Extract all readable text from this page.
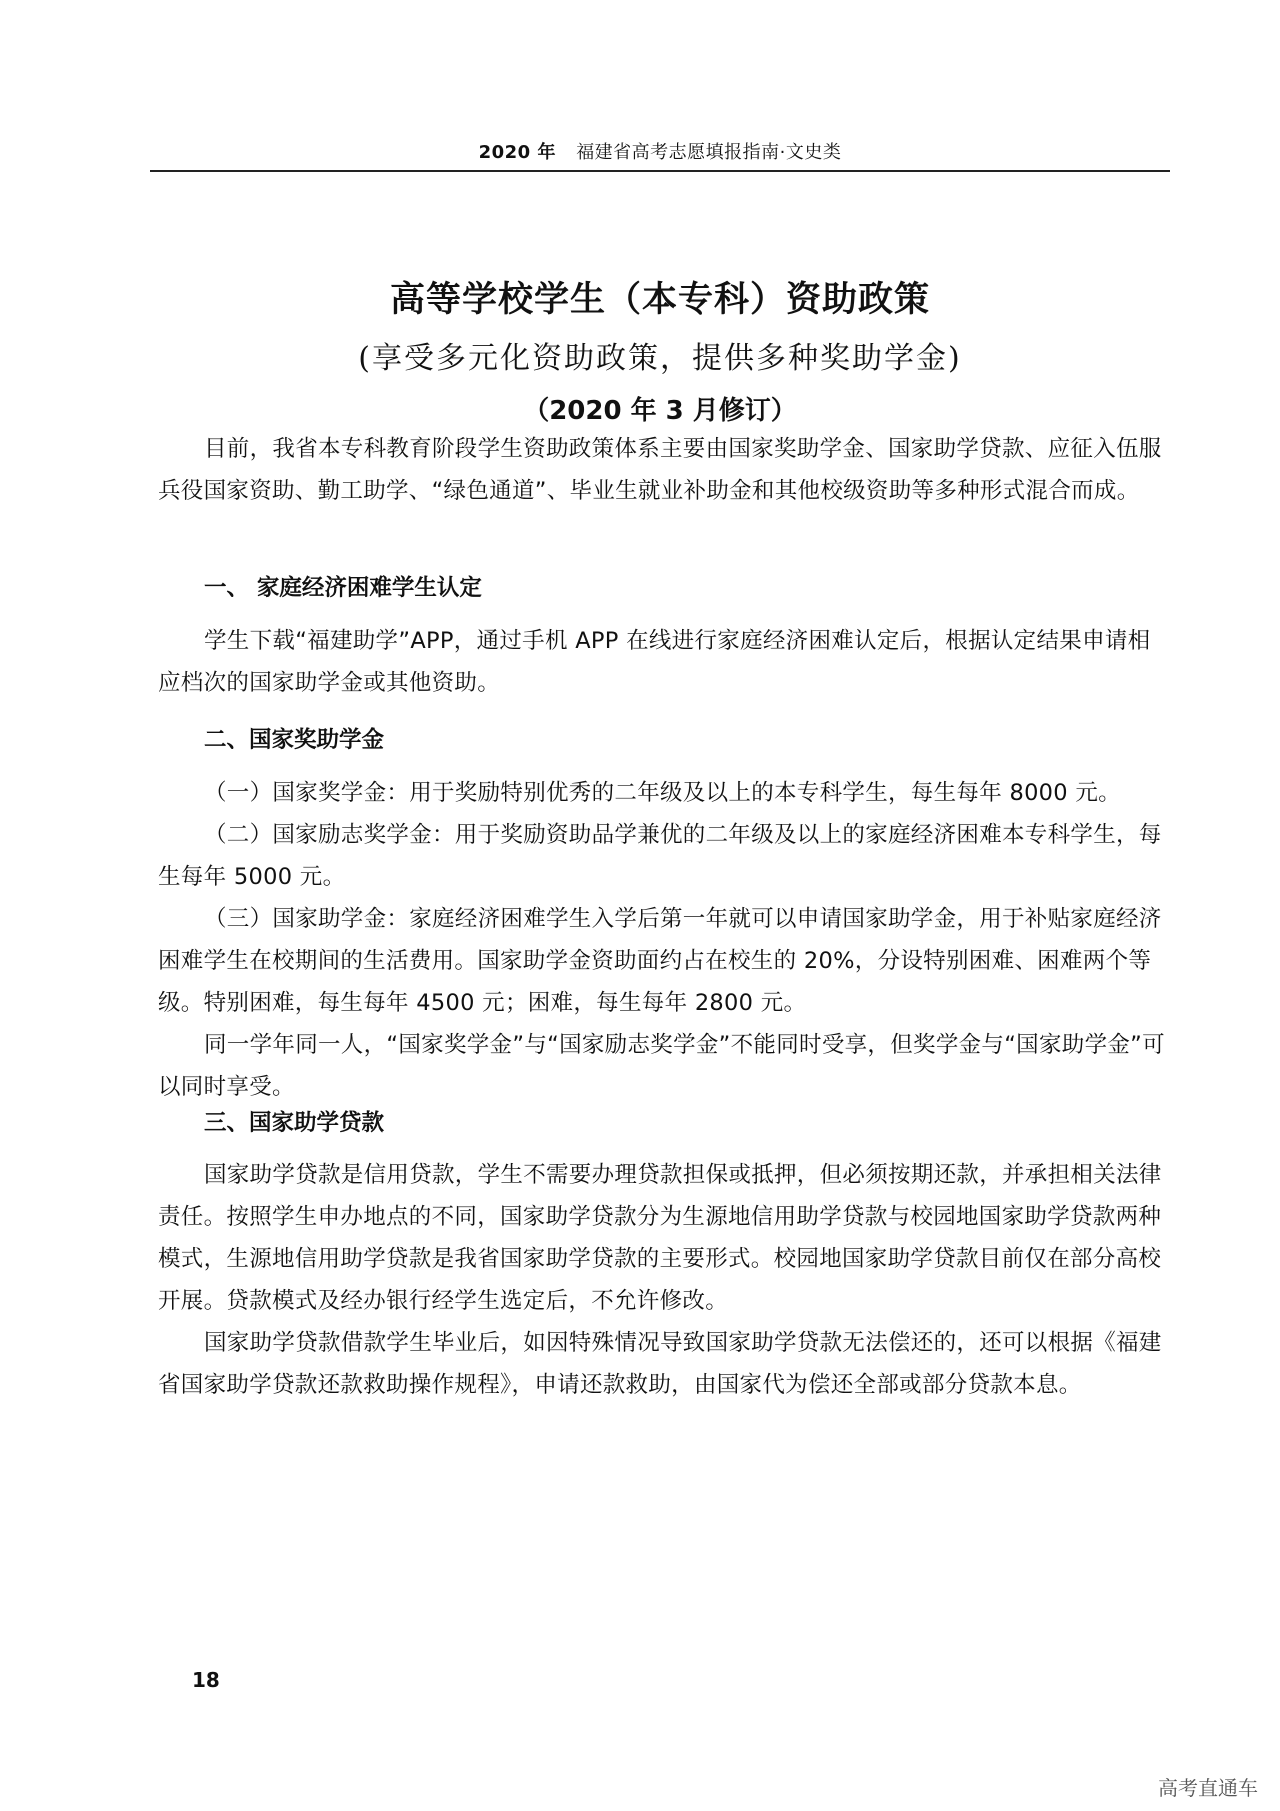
2020 年 福建省高考志愿填报指南·文史类
高等学校学生（本专科）资助政策
(享受多元化资助政策，提供多种奖助学金)
（2020 年 3 月修订）

目前，我省本专科教育阶段学生资助政策体系主要由国家奖助学金、国家助学贷款、应征入伍服兵役国家资助、勤工助学、“绿色通道”、毕业生就业补助金和其他校级资助等多种形式混合而成。

一、 家庭经济困难学生认定

学生下载“福建助学”APP，通过手机 APP 在线进行家庭经济困难认定后，根据认定结果申请相应档次的国家助学金或其他资助。

二、国家奖助学金

（一）国家奖学金：用于奖励特别优秀的二年级及以上的本专科学生，每生每年 8000 元。

（二）国家励志奖学金：用于奖励资助品学兼优的二年级及以上的家庭经济困难本专科学生，每生每年 5000 元。

（三）国家助学金：家庭经济困难学生入学后第一年就可以申请国家助学金，用于补贴家庭经济困难学生在校期间的生活费用。国家助学金资助面约占在校生的 20%，分设特别困难、困难两个等级。特别困难，每生每年 4500 元；困难，每生每年 2800 元。

同一学年同一人，“国家奖学金”与“国家励志奖学金”不能同时受享，但奖学金与“国家助学金”可以同时享受。

三、国家助学贷款

国家助学贷款是信用贷款，学生不需要办理贷款担保或抵押，但必须按期还款，并承担相关法律责任。按照学生申办地点的不同，国家助学贷款分为生源地信用助学贷款与校园地国家助学贷款两种模式，生源地信用助学贷款是我省国家助学贷款的主要形式。校园地国家助学贷款目前仅在部分高校开展。贷款模式及经办银行经学生选定后，不允许修改。

国家助学贷款借款学生毕业后，如因特殊情况导致国家助学贷款无法偿还的，还可以根据《福建省国家助学贷款还款救助操作规程》，申请还款救助，由国家代为偿还全部或部分贷款本息。

18
高考直通车
